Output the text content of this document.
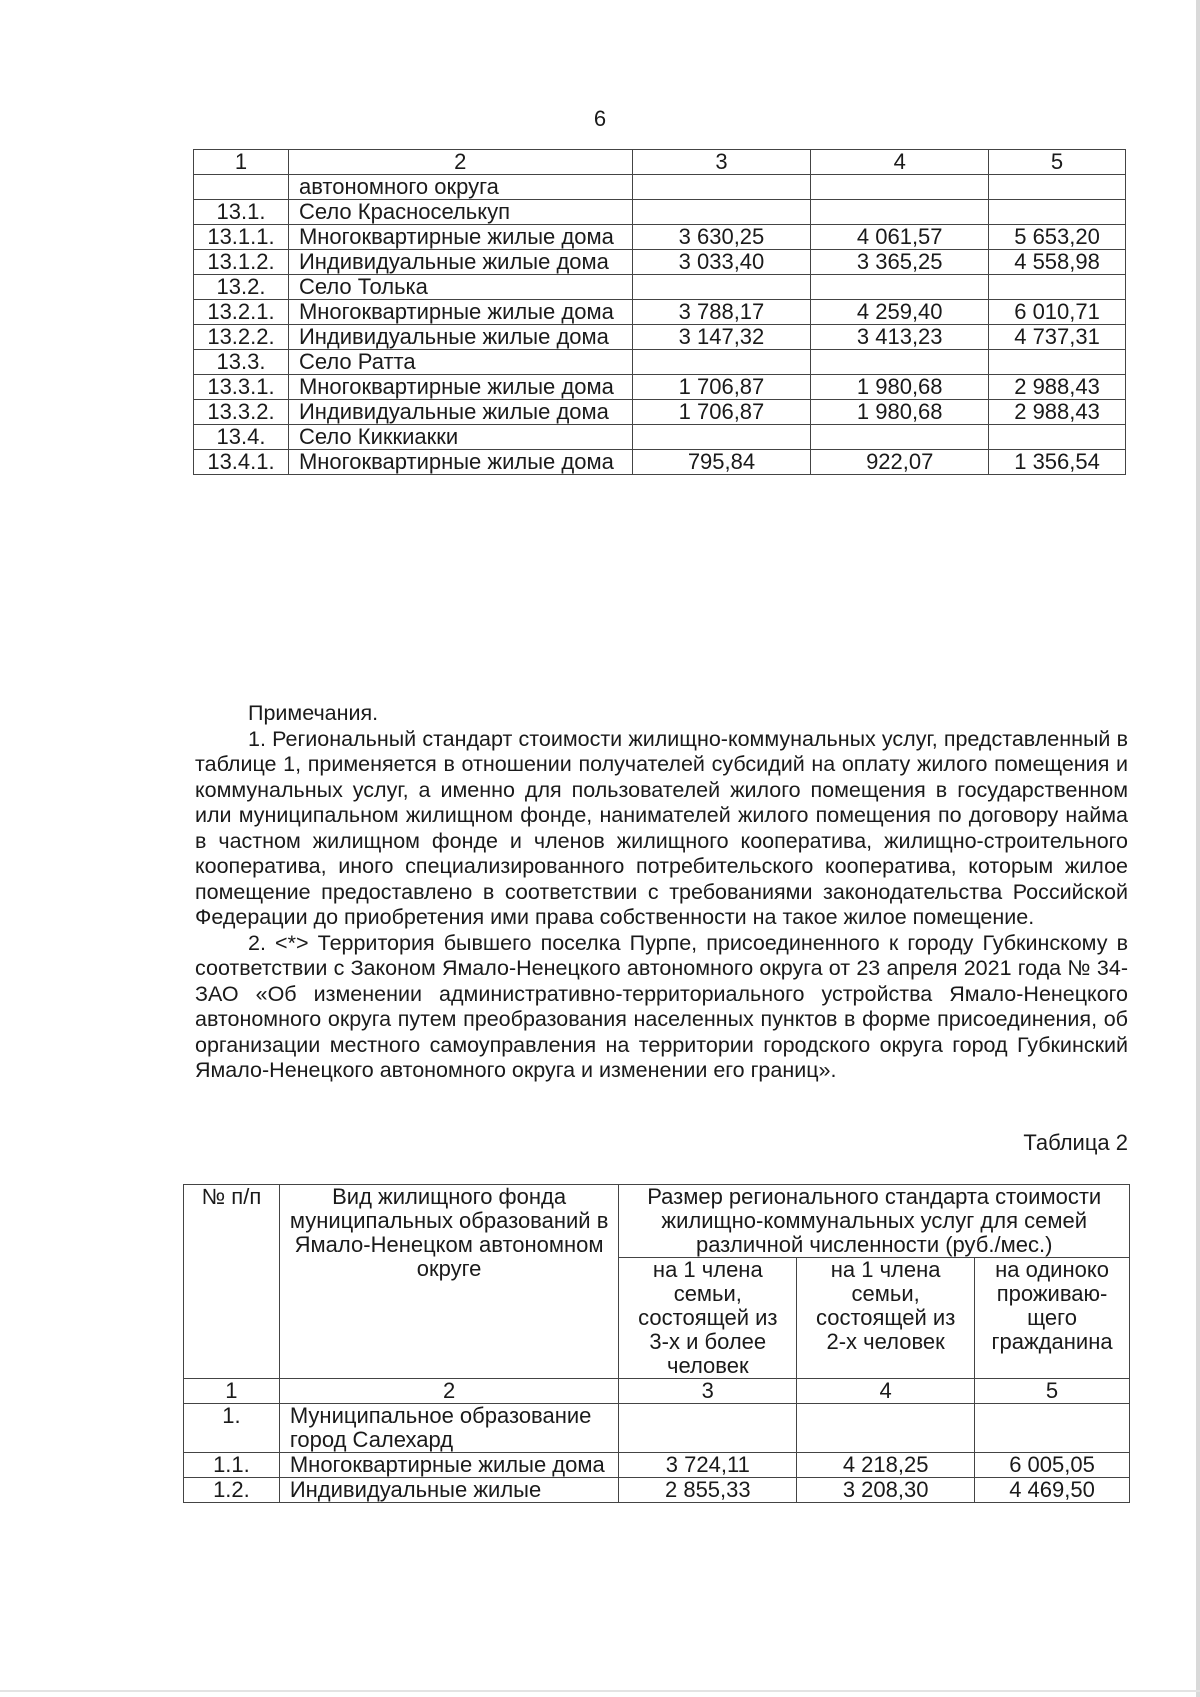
6
1	2	3	4	5
	автономного округа			
13.1.	Село Красноселькуп			
13.1.1.	Многоквартирные жилые дома	3 630,25	4 061,57	5 653,20
13.1.2.	Индивидуальные жилые дома	3 033,40	3 365,25	4 558,98
13.2.	Село Толька			
13.2.1.	Многоквартирные жилые дома	3 788,17	4 259,40	6 010,71
13.2.2.	Индивидуальные жилые дома	3 147,32	3 413,23	4 737,31
13.3.	Село Ратта			
13.3.1.	Многоквартирные жилые дома	1 706,87	1 980,68	2 988,43
13.3.2.	Индивидуальные жилые дома	1 706,87	1 980,68	2 988,43
13.4.	Село Киккиакки			
13.4.1.	Многоквартирные жилые дома	795,84	922,07	1 356,54

Примечания.

1. Региональный стандарт стоимости жилищно-коммунальных услуг, представленный в таблице 1, применяется в отношении получателей субсидий на оплату жилого помещения и коммунальных услуг, а именно для пользователей жилого помещения в государственном или муниципальном жилищном фонде, нанимателей жилого помещения по договору найма в частном жилищном фонде и членов жилищного кооператива, жилищно-строительного кооператива, иного специализированного потребительского кооператива, которым жилое помещение предоставлено в соответствии с требованиями законодательства Российской Федерации до приобретения ими права собственности на такое жилое помещение.

2. <*> Территория бывшего поселка Пурпе, присоединенного к городу Губкинскому в соответствии с Законом Ямало-Ненецкого автономного округа от 23 апреля 2021 года № 34-ЗАО «Об изменении административно-территориального устройства Ямало-Ненецкого автономного округа путем преобразования населенных пунктов в форме присоединения, об организации местного самоуправления на территории городского округа город Губкинский Ямало-Ненецкого автономного округа и изменении его границ».

Таблица 2
№ п/п	Вид жилищного фонда муниципальных образований в Ямало-Ненецком автономном округе	Размер регионального стандарта стоимости жилищно-коммунальных услуг для семей различной численности (руб./мес.)		
		на 1 члена семьи, состоящей из 3-х и более человек	на 1 члена семьи, состоящей из 2-х человек	на одиноко проживаю-щего гражданина
1	2	3	4	5
1.	Муниципальное образование город Салехард			
1.1.	Многоквартирные жилые дома	3 724,11	4 218,25	6 005,05
1.2.	Индивидуальные жилые	2 855,33	3 208,30	4 469,50
